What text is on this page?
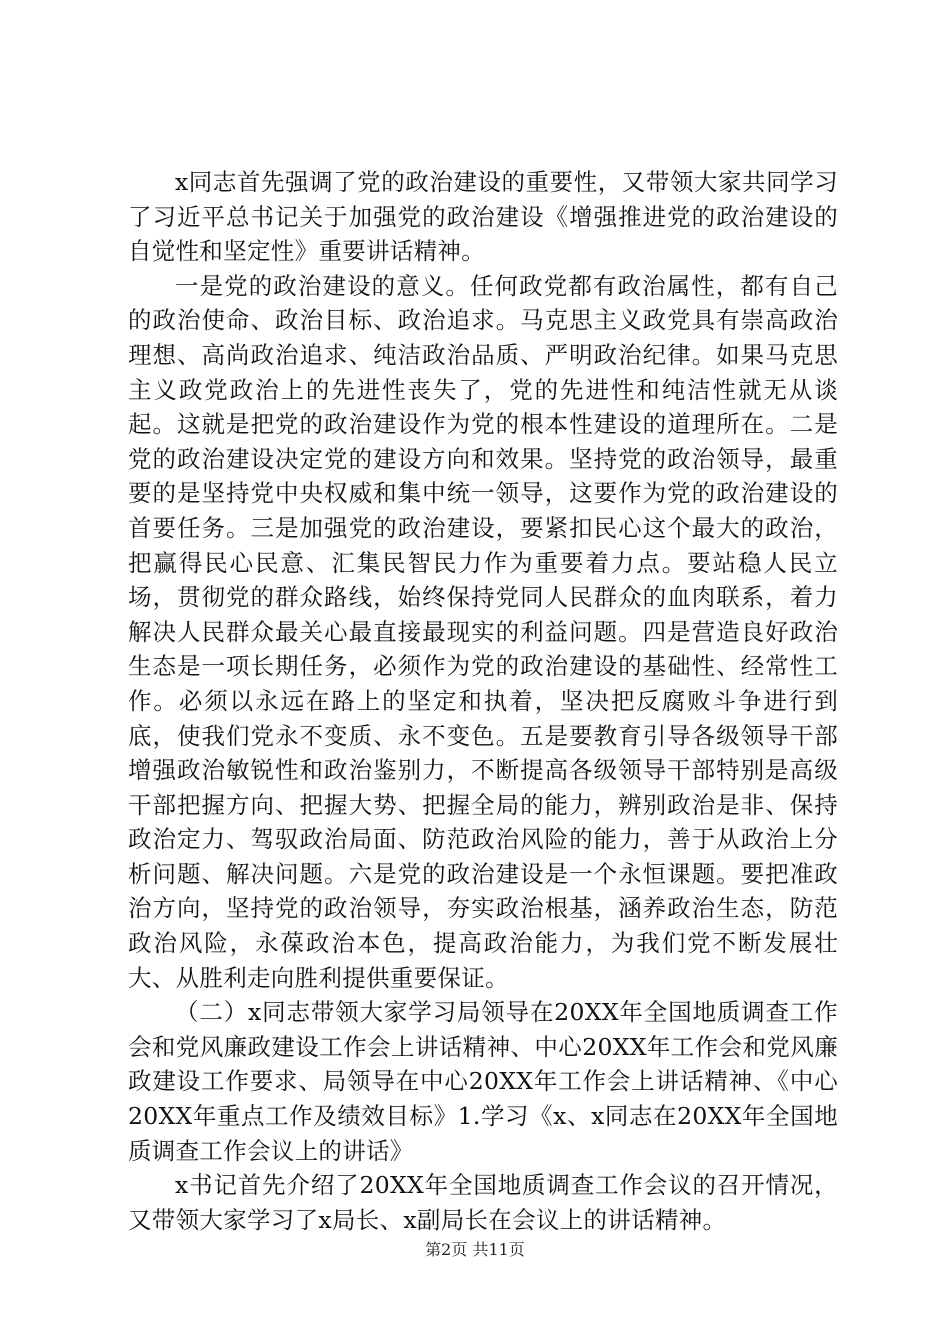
x同志首先强调了党的政治建设的重要性，又带领大家共同学习了习近平总书记关于加强党的政治建设《增强推进党的政治建设的自觉性和坚定性》重要讲话精神。

一是党的政治建设的意义。任何政党都有政治属性，都有自己的政治使命、政治目标、政治追求。马克思主义政党具有崇高政治理想、高尚政治追求、纯洁政治品质、严明政治纪律。如果马克思主义政党政治上的先进性丧失了，党的先进性和纯洁性就无从谈起。这就是把党的政治建设作为党的根本性建设的道理所在。二是党的政治建设决定党的建设方向和效果。坚持党的政治领导，最重要的是坚持党中央权威和集中统一领导，这要作为党的政治建设的首要任务。三是加强党的政治建设，要紧扣民心这个最大的政治，把赢得民心民意、汇集民智民力作为重要着力点。要站稳人民立场，贯彻党的群众路线，始终保持党同人民群众的血肉联系，着力解决人民群众最关心最直接最现实的利益问题。四是营造良好政治生态是一项长期任务，必须作为党的政治建设的基础性、经常性工作。必须以永远在路上的坚定和执着，坚决把反腐败斗争进行到底，使我们党永不变质、永不变色。五是要教育引导各级领导干部增强政治敏锐性和政治鉴别力，不断提高各级领导干部特别是高级干部把握方向、把握大势、把握全局的能力，辨别政治是非、保持政治定力、驾驭政治局面、防范政治风险的能力，善于从政治上分析问题、解决问题。六是党的政治建设是一个永恒课题。要把准政治方向，坚持党的政治领导，夯实政治根基，涵养政治生态，防范政治风险，永葆政治本色，提高政治能力，为我们党不断发展壮大、从胜利走向胜利提供重要保证。

（二）x同志带领大家学习局领导在20XX年全国地质调查工作会和党风廉政建设工作会上讲话精神、中心20XX年工作会和党风廉政建设工作要求、局领导在中心20XX年工作会上讲话精神、《中心20XX年重点工作及绩效目标》1.学习《x、x同志在20XX年全国地质调查工作会议上的讲话》

x书记首先介绍了20XX年全国地质调查工作会议的召开情况，又带领大家学习了x局长、x副局长在会议上的讲话精神。

第2页 共11页
